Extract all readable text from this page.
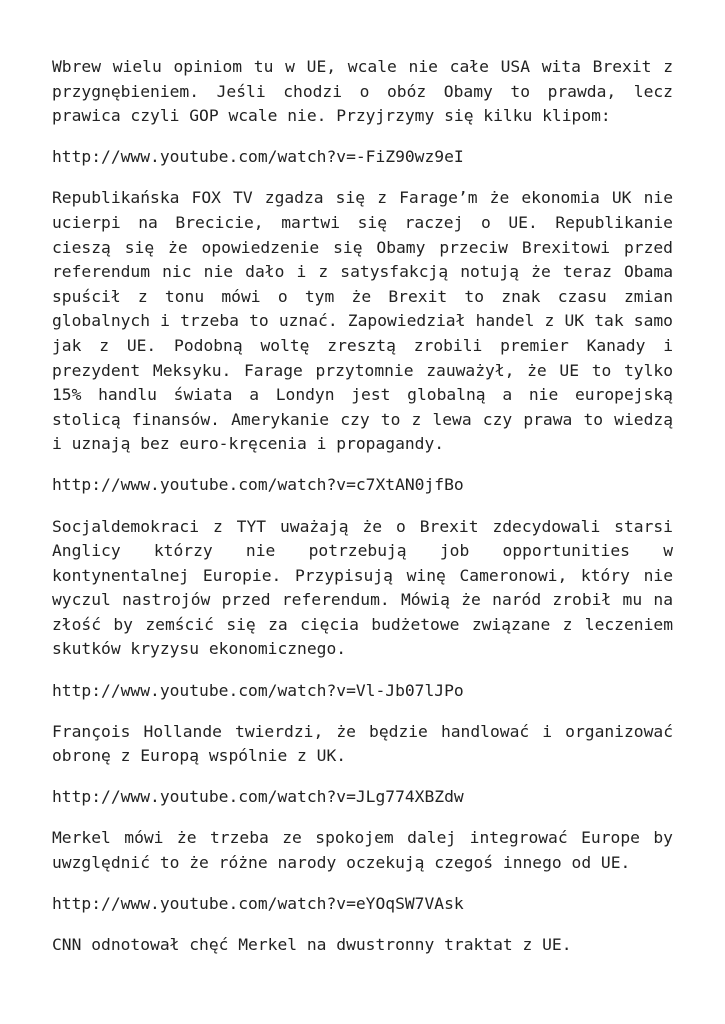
Wbrew wielu opiniom tu w UE, wcale nie całe USA wita Brexit z przygnębieniem. Jeśli chodzi o obóz Obamy to prawda, lecz prawica czyli GOP wcale nie. Przyjrzymy się kilku klipom:

http://www.youtube.com/watch?v=-FiZ90wz9eI

Republikańska FOX TV zgadza się z Farage’m że ekonomia UK nie ucierpi na Brecicie, martwi się raczej o UE. Republikanie cieszą się że opowiedzenie się Obamy przeciw Brexitowi przed referendum nic nie dało i z satysfakcją notują że teraz Obama spuścił z tonu mówi o tym że Brexit to znak czasu zmian globalnych i trzeba to uznać. Zapowiedział handel z UK tak samo jak z UE. Podobną woltę zresztą zrobili premier Kanady i prezydent Meksyku. Farage przytomnie zauważył, że UE to tylko 15% handlu świata a Londyn jest globalną a nie europejską stolicą finansów. Amerykanie czy to z lewa czy prawa to wiedzą i uznają bez euro-kręcenia i propagandy.

http://www.youtube.com/watch?v=c7XtAN0jfBo

Socjaldemokraci z TYT uważają że o Brexit zdecydowali starsi Anglicy którzy nie potrzebują job opportunities w kontynentalnej Europie. Przypisują winę Cameronowi, który nie wyczul nastrojów przed referendum. Mówią że naród zrobił mu na złość by zemścić się za cięcia budżetowe związane z leczeniem skutków kryzysu ekonomicznego.

http://www.youtube.com/watch?v=Vl-Jb07lJPo

François Hollande twierdzi, że będzie handlować i organizować obronę z Europą wspólnie z UK.

http://www.youtube.com/watch?v=JLg774XBZdw

Merkel mówi że trzeba ze spokojem dalej integrować Europe by uwzględnić to że różne narody oczekują czegoś innego od UE.

http://www.youtube.com/watch?v=eYOqSW7VAsk

CNN odnotował chęć Merkel na dwustronny traktat z UE.
